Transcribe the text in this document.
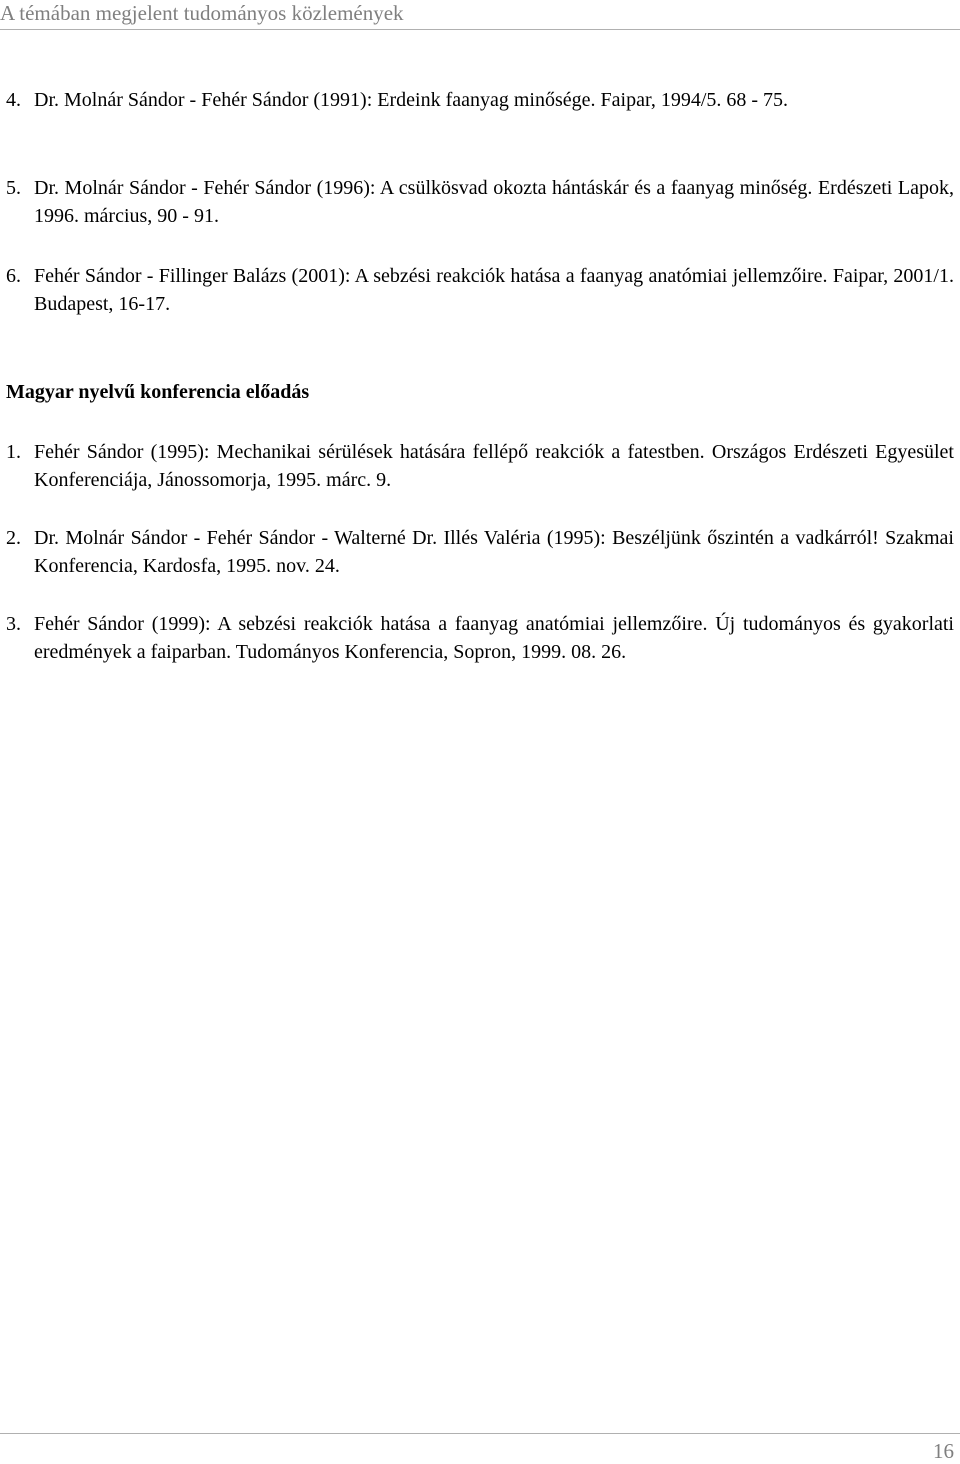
A témában megjelent tudományos közlemények
4. Dr. Molnár Sándor - Fehér Sándor (1991): Erdeink faanyag minősége. Faipar, 1994/5. 68 - 75.
5. Dr. Molnár Sándor - Fehér Sándor (1996): A csülkösvad okozta hántáskár és a faanyag minőség. Erdészeti Lapok, 1996. március, 90 - 91.
6. Fehér Sándor - Fillinger Balázs (2001): A sebzési reakciók hatása a faanyag anatómiai jellemzőire. Faipar, 2001/1. Budapest, 16-17.
Magyar nyelvű konferencia előadás
1. Fehér Sándor (1995): Mechanikai sérülések hatására fellépő reakciók a fatestben. Országos Erdészeti Egyesület Konferenciája, Jánossomorja, 1995. márc. 9.
2. Dr. Molnár Sándor - Fehér Sándor - Walterné Dr. Illés Valéria (1995): Beszéljünk őszintén a vadkárról! Szakmai Konferencia, Kardosfa, 1995. nov. 24.
3. Fehér Sándor (1999): A sebzési reakciók hatása a faanyag anatómiai jellemzőire. Új tudományos és gyakorlati eredmények a faiparban. Tudományos Konferencia, Sopron, 1999. 08. 26.
16
